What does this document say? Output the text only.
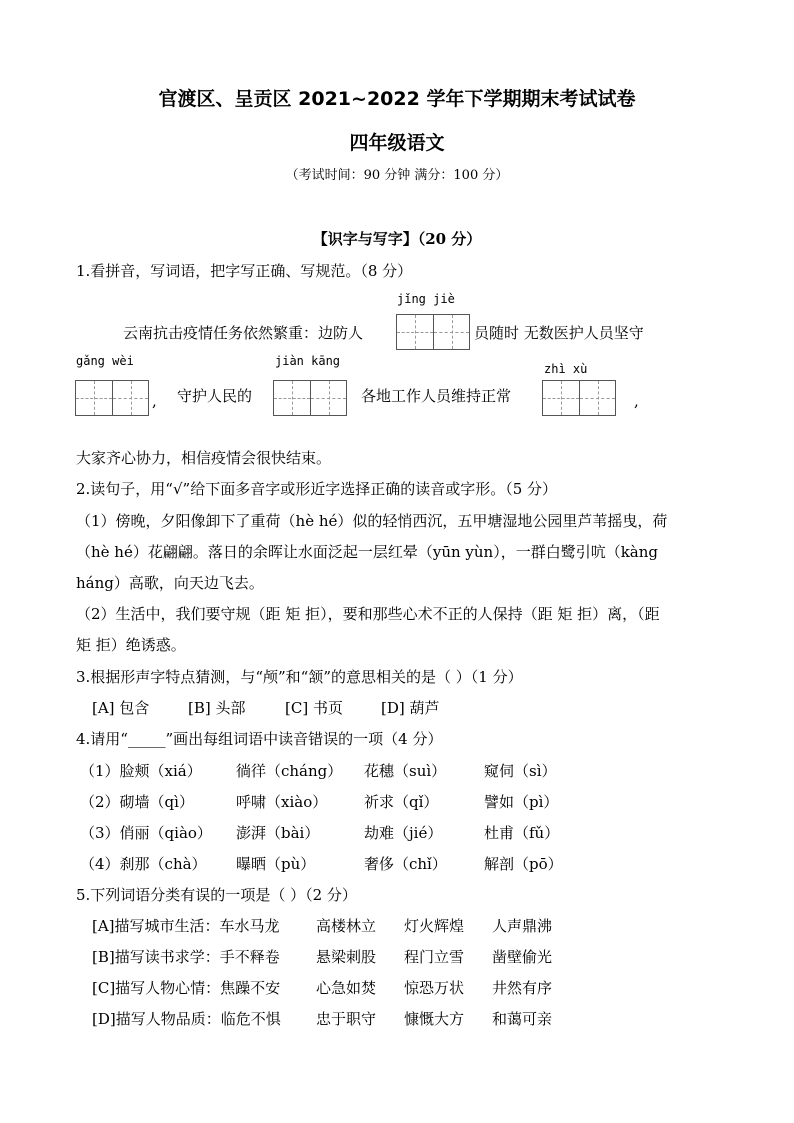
官渡区、呈贡区 2021~2022 学年下学期期末考试试卷
四年级语文
（考试时间：90 分钟 满分：100 分）
【识字与写字】（20 分）
1.看拼音，写词语，把字写正确、写规范。（8 分）
jǐng jiè
云南抗击疫情任务依然繁重：边防人	员随时 无数医护人员坚守
gǎng wèi	jiàn kāng
zhì xù
, 守护人民的	各地工作人员维持正常	,
大家齐心协力，相信疫情会很快结束。
2.读句子，用“√”给下面多音字或形近字选择正确的读音或字形。（5 分）
（1）傍晚，夕阳像卸下了重荷（hè hé）似的轻悄西沉，五甲塘湿地公园里芦苇摇曳，荷
（hè hé）花翩翩。落日的余晖让水面泛起一层红晕（yūn yùn），一群白鹭引吭（kàng
háng）高歌，向天边飞去。
（2）生活中，我们要守规（距 矩 拒），要和那些心术不正的人保持（距 矩 拒）离，（距
矩 拒）绝诱惑。
3.根据形声字特点猜测，与“颅”和“颔”的意思相关的是（ ）（1 分）
[A] 包含	[B] 头部	[C] 书页	[D] 葫芦
4.请用“_____”画出每组词语中读音错误的一项（4 分）
（1）脸颊（xiá） 徜徉（cháng） 花穗（suì）	窥伺（sì）
（2）砌墙（qì）	呼啸（xiào） 祈求（qǐ）	譬如（pì）
（3）俏丽（qiào） 澎湃（bài）	劫难（jié）	杜甫（fǔ）
（4）刹那（chà） 曝晒（pù）	奢侈（chǐ） 解剖（pō）
5.下列词语分类有误的一项是（ ）（2 分）
[A]描写城市生活：车水马龙 高楼林立 灯火辉煌 人声鼎沸
[B]描写读书求学：手不释卷 悬梁刺股 程门立雪 凿壁偷光
[C]描写人物心情：焦躁不安 心急如焚 惊恐万状 井然有序
[D]描写人物品质：临危不惧 忠于职守 慷慨大方 和蔼可亲
